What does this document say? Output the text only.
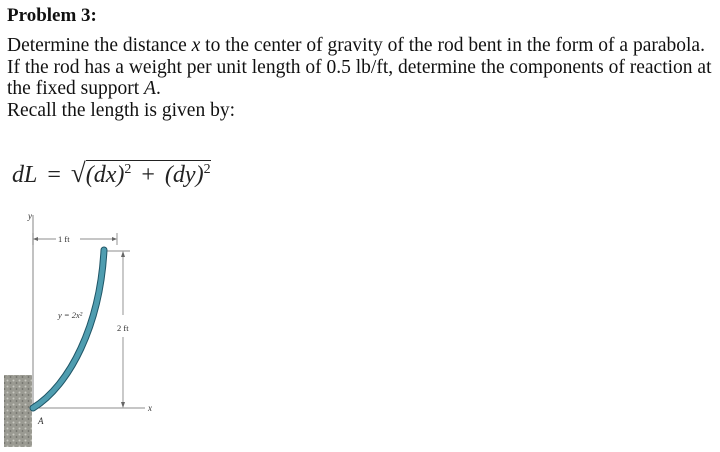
Problem 3:

Determine the distance x to the center of gravity of the rod bent in the form of a parabola. If the rod has a weight per unit length of 0.5 lb/ft, determine the components of reaction at the fixed support A.

Recall the length is given by:

dL = √(dx)$^2$ + (dy)$^2$
y
x
1 ft
2 ft
y = 2x²
A
